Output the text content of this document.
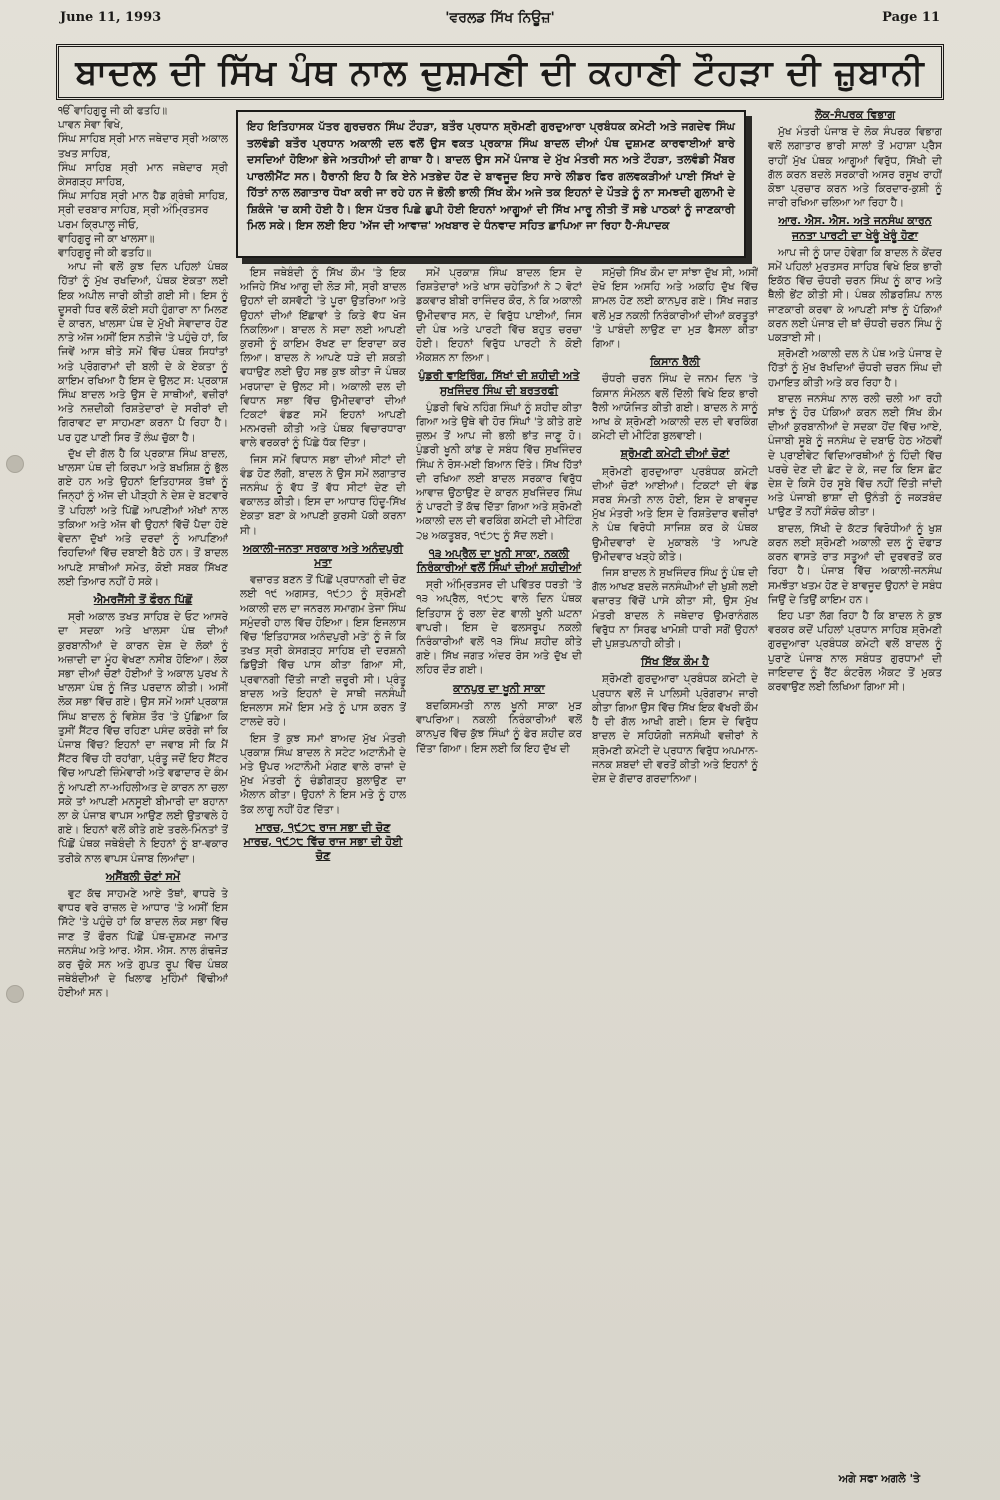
June 11, 1993	'ਵਰਲਡ ਸਿੱਖ ਨਿਊਜ਼'	Page 11
ਬਾਦਲ ਦੀ ਸਿੱਖ ਪੰਥ ਨਾਲ ਦੁਸ਼ਮਣੀ ਦੀ ਕਹਾਣੀ ਟੌਹੜਾ ਦੀ ਜ਼ੁਬਾਨੀ
ਇਹ ਇਤਿਹਾਸਕ ਪੱਤਰ ਗੁਰਚਰਨ ਸਿੰਘ ਟੌਹੜਾ, ਬਤੌਰ ਪ੍ਰਧਾਨ ਸ਼੍ਰੋਮਣੀ ਗੁਰਦੁਆਰਾ ਪ੍ਰਬੰਧਕ ਕਮੇਟੀ ਅਤੇ ਜਗਦੇਵ ਸਿੰਘ ਤਲਵੰਡੀ ਬਤੌਰ ਪ੍ਰਧਾਨ ਅਕਾਲੀ ਦਲ ਵਲੋਂ ਉਸ ਵਕਤ ਪ੍ਰਕਾਸ਼ ਸਿੰਘ ਬਾਦਲ ਦੀਆਂ ਪੰਥ ਦੁਸ਼ਮਣ ਕਾਰਵਾਈਆਂ ਬਾਰੇ ਦਸਦਿਆਂ ਹੋਇਆ ਭੇਜੇ ਅਤਹੀਆਂ ਦੀ ਗਾਥਾ ਹੈ। ਬਾਦਲ ਉਸ ਸਮੇਂ ਪੰਜਾਬ ਦੇ ਮੁੱਖ ਮੰਤਰੀ ਸਨ ਅਤੇ ਟੌਹੜਾ, ਤਲਵੰਡੀ ਮੈਂਬਰ ਪਾਰਲੀਮੈਂਟ ਸਨ। ਹੈਰਾਨੀ ਇਹ ਹੈ ਕਿ ਏਨੇ ਮਤਭੇਦ ਹੋਣ ਦੇ ਬਾਵਜੂਦ ਇਹ ਸਾਰੇ ਲੀਡਰ ਫਿਰ ਗਲਵਕੜੀਆਂ ਪਾਈ ਸਿੱਖਾਂ ਦੇ ਹਿੱਤਾਂ ਨਾਲ ਲਗਾਤਾਰ ਧੋਖਾ ਕਰੀ ਜਾ ਰਹੇ ਹਨ ਜੋ ਭੋਲੀ ਭਾਲੀ ਸਿੱਖ ਕੌਮ ਅਜੇ ਤਕ ਇਹਨਾਂ ਦੇ ਪੌਤੜੇ ਨੂੰ ਨਾ ਸਮਝਦੀ ਗੁਲਾਮੀ ਦੇ ਸ਼ਿਕੰਜੇ 'ਚ ਕਸੀ ਹੋਈ ਹੈ। ਇਸ ਪੱਤਰ ਪਿਛੇ ਛੁਪੀ ਹੋਈ ਇਹਨਾਂ ਆਗੂਆਂ ਦੀ ਸਿੱਖ ਮਾਰੂ ਨੀਤੀ ਤੋਂ ਸਭੇ ਪਾਠਕਾਂ ਨੂੰ ਜਾਣਕਾਰੀ ਮਿਲ ਸਕੇ। ਇਸ ਲਈ ਇਹ 'ਅੱਜ ਦੀ ਆਵਾਜ਼' ਅਖਬਾਰ ਦੇ ਧੰਨਵਾਦ ਸਹਿਤ ਛਾਪਿਆ ਜਾ ਰਿਹਾ ਹੈ-ਸੰਪਾਦਕ
ੴ ਵਾਹਿਗੁਰੂ ਜੀ ਕੀ ਫਤਹਿ॥
ਪਾਵਨ ਸੇਵਾ ਵਿਖੇ,
ਸਿੰਘ ਸਾਹਿਬ ਸ੍ਰੀ ਮਾਨ ਜਥੇਦਾਰ ਸ੍ਰੀ ਅਕਾਲ ਤਖਤ ਸਾਹਿਬ,
ਸਿੰਘ ਸਾਹਿਬ ਸ੍ਰੀ ਮਾਨ ਜਥੇਦਾਰ ਸ੍ਰੀ ਕੇਸਗੜ੍ਹ ਸਾਹਿਬ,
ਸਿੰਘ ਸਾਹਿਬ ਸ੍ਰੀ ਮਾਨ ਹੈਡ ਗ੍ਰੰਥੀ ਸਾਹਿਬ, ਸ੍ਰੀ ਦਰਬਾਰ ਸਾਹਿਬ, ਸ੍ਰੀ ਅੰਮ੍ਰਿਤਸਰ
ਪਰਮ ਕ੍ਰਿਪਾਲੂ ਜੀਓ,
ਵਾਹਿਗੁਰੂ ਜੀ ਕਾ ਖਾਲਸਾ॥
ਵਾਹਿਗੁਰੂ ਜੀ ਕੀ ਫਤਹਿ॥

ਆਪ ਜੀ ਵਲੋਂ ਕੁਝ ਦਿਨ ਪਹਿਲਾਂ ਪੰਥਕ ਹਿੱਤਾਂ ਨੂੰ ਮੁੱਖ ਰਖਦਿਆਂ, ਪੰਥਕ ਏਕਤਾ ਲਈ ਇਕ ਅਪੀਲ ਜਾਰੀ ਕੀਤੀ ਗਈ ਸੀ। ਇਸ ਨੂੰ ਦੂਸਰੀ ਧਿਰ ਵਲੋਂ ਕੋਈ ਸਹੀ ਹੁੰਗਾਰਾ ਨਾ ਮਿਲਣ ਦੇ ਕਾਰਨ, ਖਾਲਸਾ ਪੰਥ ਦੇ ਮੁੱਖੀ ਸੇਵਾਦਾਰ ਹੋਣ ਨਾਤੇ ਅੱਜ ਅਸੀਂ ਇਸ ਨਤੀਜੇ 'ਤੇ ਪਹੁੰਚੇ ਹਾਂ, ਕਿ ਜਿਵੇਂ ਆਸ ਥੀਤੇ ਸਮੇਂ ਵਿੱਚ ਪੰਥਕ ਸਿਧਾਂਤਾਂ ਅਤੇ ਪ੍ਰੋਗਰਾਮਾਂ ਦੀ ਬਲੀ ਦੇ ਕੇ ਏਕਤਾ ਨੂੰ ਕਾਇਮ ਰਖਿਆ ਹੈ ਇਸ ਦੇ ਉਲਟ ਸ: ਪ੍ਰਕਾਸ਼ ਸਿੰਘ ਬਾਦਲ ਅਤੇ ਉਸ ਦੇ ਸਾਥੀਆਂ, ਵਜ਼ੀਰਾਂ ਅਤੇ ਨਜ਼ਦੀਕੀ ਰਿਸ਼ਤੇਦਾਰਾਂ ਦੇ ਸਰੀਰਾਂ ਦੀ ਗਿਰਾਵਟ ਦਾ ਸਾਹਮਣਾ ਕਰਨਾ ਪੈ ਰਿਹਾ ਹੈ। ਪਰ ਹੁਣ ਪਾਣੀ ਸਿਰ ਤੋਂ ਲੰਘ ਚੁੱਕਾ ਹੈ।

ਦੁੱਖ ਦੀ ਗੱਲ ਹੈ ਕਿ ਪ੍ਰਕਾਸ਼ ਸਿੰਘ ਬਾਦਲ, ਖਾਲਸਾ ਪੰਥ ਦੀ ਕਿਰਪਾ ਅਤੇ ਬਖਸ਼ਿਸ਼ ਨੂੰ ਭੁੱਲ ਗਏ ਹਨ ਅਤੇ ਉਹਨਾਂ ਇਤਿਹਾਸਕ ਤੱਥਾਂ ਨੂੰ ਜਿਨ੍ਹਾਂ ਨੂੰ ਅੱਜ ਦੀ ਪੀੜ੍ਹੀ ਨੇ ਦੇਸ਼ ਦੇ ਬਟਵਾਰੇ ਤੋਂ ਪਹਿਲਾਂ ਅਤੇ ਪਿੱਛੋਂ ਆਪਣੀਆਂ ਅੱਖਾਂ ਨਾਲ ਤਕਿਆ ਅਤੇ ਅੱਜ ਵੀ ਉਹਨਾਂ ਵਿੱਚੋਂ ਪੈਦਾ ਹੋਏ ਵੇਦਨਾ ਦੁੱਖਾਂ ਅਤੇ ਦਰਦਾਂ ਨੂੰ ਆਪਣਿਆਂ ਰਿਹਦਿਆਂ ਵਿੱਚ ਦਬਾਈ ਬੈਠੇ ਹਨ। ਤੋਂ ਬਾਦਲ ਆਪਣੇ ਸਾਥੀਆਂ ਸਮੇਤ, ਕੋਈ ਸਬਕ ਸਿੱਖਣ ਲਈ ਤਿਆਰ ਨਹੀਂ ਹੋ ਸਕੇ।

ਐਮਰਜੈਂਸੀ ਤੋਂ ਫੌਰਨ ਪਿੱਛੋਂ

ਸ੍ਰੀ ਅਕਾਲ ਤਖਤ ਸਾਹਿਬ ਦੇ ਓਟ ਆਸਰੇ ਦਾ ਸਦਕਾ ਅਤੇ ਖਾਲਸਾ ਪੰਥ ਦੀਆਂ ਕੁਰਬਾਨੀਆਂ ਦੇ ਕਾਰਨ ਦੇਸ਼ ਦੇ ਲੋਕਾਂ ਨੂੰ ਅਜ਼ਾਦੀ ਦਾ ਮੂੰਹ ਵੇਖਣਾ ਨਸੀਬ ਹੋਇਆ। ਲੋਕ ਸਭਾ ਦੀਆਂ ਚੋਣਾਂ ਹੋਈਆਂ ਤੇ ਅਕਾਲ ਪੁਰਖ ਨੇ ਖਾਲਸਾ ਪੰਥ ਨੂੰ ਜਿੱਤ ਪਰਦਾਨ ਕੀਤੀ। ਅਸੀਂ ਲੋਕ ਸਭਾ ਵਿੱਚ ਗਏ। ਉਸ ਸਮੇਂ ਅਸਾਂ ਪ੍ਰਕਾਸ਼ ਸਿੰਘ ਬਾਦਲ ਨੂੰ ਵਿਸ਼ੇਸ਼ ਤੌਰ 'ਤੇ ਪੁੱਛਿਆ ਕਿ ਤੁਸੀਂ ਸੈਂਟਰ ਵਿੱਚ ਰਹਿਣਾ ਪਸੰਦ ਕਰੋਗੇ ਜਾਂ ਕਿ ਪੰਜਾਬ ਵਿੱਚ? ਇਹਨਾਂ ਦਾ ਜਵਾਬ ਸੀ ਕਿ ਮੈਂ ਸੈਂਟਰ ਵਿੱਚ ਹੀ ਰਹਾਂਗਾ, ਪ੍ਰੰਤੂ ਜਦੋਂ ਇਹ ਸੈਂਟਰ ਵਿੱਚ ਆਪਣੀ ਜ਼ਿੰਮੇਵਾਰੀ ਅਤੇ ਵਫਾਦਾਰ ਦੇ ਕੰਮ ਨੂੰ ਆਪਣੀ ਨਾ-ਅਹਿਲੀਅਤ ਦੇ ਕਾਰਨ ਨਾ ਚਲਾ ਸਕੇ ਤਾਂ ਆਪਣੀ ਮਨਸੂਈ ਬੀਮਾਰੀ ਦਾ ਬਹਾਨਾ ਲਾ ਕੇ ਪੰਜਾਬ ਵਾਪਸ ਆਉਣ ਲਈ ਉਤਾਵਲੇ ਹੋ ਗਏ। ਇਹਨਾਂ ਵਲੋਂ ਕੀਤੇ ਗਏ ਤਰਲੇ-ਮਿੰਨਤਾਂ ਤੋਂ ਪਿੱਛੋਂ ਪੰਥਕ ਜਥੇਬੰਦੀ ਨੇ ਇਹਨਾਂ ਨੂੰ ਬਾ-ਵਕਾਰ ਤਰੀਕੇ ਨਾਲ ਵਾਪਸ ਪੰਜਾਬ ਲਿਆਂਦਾ।

ਅਸੈਂਬਲੀ ਚੋਣਾਂ ਸਮੇਂ

ਵੁਟ ਕੱਢ ਸਾਹਮਣੇ ਆਏ ਤੱਥਾਂ, ਵਾਧਰੇ ਤੇ ਵਾਧਰ ਵਰੇ ਰਾਜ਼ਲ ਦੇ ਆਧਾਰ 'ਤੇ ਅਸੀਂ ਇਸ ਸਿੱਟੇ 'ਤੇ ਪਹੁੰਚੇ ਹਾਂ ਕਿ ਬਾਦਲ ਲੋਕ ਸਭਾ ਵਿੱਚ ਜਾਣ ਤੋਂ ਫੌਰਨ ਪਿੱਛੋਂ ਪੰਥ-ਦੁਸ਼ਮਣ ਜਮਾਤ ਜਨਸੰਘ ਅਤੇ ਆਰ. ਐਸ. ਐਸ. ਨਾਲ ਗੰਢਜੋੜ ਕਰ ਚੁੱਕੇ ਸਨ ਅਤੇ ਗੁਪਤ ਰੂਪ ਵਿੱਚ ਪੰਥਕ ਜਥੇਬੰਦੀਆਂ ਦੇ ਖਿਲਾਫ ਮੁਹਿੰਮਾਂ ਵਿੱਢੀਆਂ ਹੋਈਆਂ ਸਨ।

ਇਸ ਜਥੇਬੰਦੀ ਨੂੰ ਸਿੱਖ ਕੌਮ 'ਤੇ ਇਕ ਅਜਿਹੇ ਸਿੱਖ ਆਗੂ ਦੀ ਲੋੜ ਸੀ, ਸ੍ਰੀ ਬਾਦਲ ਉਹਨਾਂ ਦੀ ਕਸਵੱਟੀ 'ਤੇ ਪੂਰਾ ਉਤਰਿਆ ਅਤੇ ਉਹਨਾਂ ਦੀਆਂ ਇੱਛਾਵਾਂ ਤੇ ਕਿਤੇ ਵੱਧ ਖੋਜ ਨਿਕਲਿਆ। ਬਾਦਲ ਨੇ ਸਦਾ ਲਈ ਆਪਣੀ ਕੁਰਸੀ ਨੂੰ ਕਾਇਮ ਰੱਖਣ ਦਾ ਇਰਾਦਾ ਕਰ ਲਿਆ। ਬਾਦਲ ਨੇ ਆਪਣੇ ਧੜੇ ਦੀ ਸ਼ਕਤੀ ਵਧਾਉਣ ਲਈ ਉਹ ਸਭ ਕੁਝ ਕੀਤਾ ਜੋ ਪੰਥਕ ਮਰਯਾਦਾ ਦੇ ਉਲਟ ਸੀ। ਅਕਾਲੀ ਦਲ ਦੀ ਵਿਧਾਨ ਸਭਾ ਵਿੱਚ ਉਮੀਦਵਾਰਾਂ ਦੀਆਂ ਟਿਕਟਾਂ ਵੰਡਣ ਸਮੇਂ ਇਹਨਾਂ ਆਪਣੀ ਮਨਮਰਜ਼ੀ ਕੀਤੀ ਅਤੇ ਪੰਥਕ ਵਿਚਾਰਧਾਰਾ ਵਾਲੇ ਵਰਕਰਾਂ ਨੂੰ ਪਿੱਛੇ ਧੱਕ ਦਿੱਤਾ।

ਜਿਸ ਸਮੇਂ ਵਿਧਾਨ ਸਭਾ ਦੀਆਂ ਸੀਟਾਂ ਦੀ ਵੰਡ ਹੋਣ ਲੱਗੀ, ਬਾਦਲ ਨੇ ਉਸ ਸਮੇਂ ਲਗਾਤਾਰ ਜਨਸੰਘ ਨੂੰ ਵੱਧ ਤੋਂ ਵੱਧ ਸੀਟਾਂ ਦੇਣ ਦੀ ਵਕਾਲਤ ਕੀਤੀ। ਇਸ ਦਾ ਆਧਾਰ ਹਿੰਦੂ-ਸਿੱਖ ਏਕਤਾ ਬਣਾ ਕੇ ਆਪਣੀ ਕੁਰਸੀ ਪੱਕੀ ਕਰਨਾ ਸੀ।

ਅਕਾਲੀ-ਜਨਤਾ ਸਰਕਾਰ ਅਤੇ ਅਨੰਦਪੁਰੀ ਮਤਾ

ਵਜ਼ਾਰਤ ਬਣਨ ਤੋਂ ਪਿੱਛੋਂ ਪ੍ਰਧਾਨਗੀ ਦੀ ਚੋਣ ਲਈ ੧੯ ਅਗਸਤ, ੧੯੭੭ ਨੂੰ ਸ਼੍ਰੋਮਣੀ ਅਕਾਲੀ ਦਲ ਦਾ ਜਨਰਲ ਸਮਾਗਮ ਤੇਜਾ ਸਿੰਘ ਸਮੁੰਦਰੀ ਹਾਲ ਵਿੱਚ ਹੋਇਆ। ਇਸ ਇਜਲਾਸ ਵਿੱਚ 'ਇਤਿਹਾਸਕ ਅਨੰਦਪੁਰੀ ਮਤੇ' ਨੂੰ ਜੋ ਕਿ ਤਖਤ ਸ੍ਰੀ ਕੇਸਗੜ੍ਹ ਸਾਹਿਬ ਦੀ ਦਰਸ਼ਨੀ ਡਿਉੜੀ ਵਿੱਚ ਪਾਸ ਕੀਤਾ ਗਿਆ ਸੀ, ਪ੍ਰਵਾਨਗੀ ਦਿੱਤੀ ਜਾਣੀ ਜ਼ਰੂਰੀ ਸੀ। ਪ੍ਰੰਤੂ ਬਾਦਲ ਅਤੇ ਇਹਨਾਂ ਦੇ ਸਾਥੀ ਜਨਸੰਘੀ ਇਜਲਾਸ ਸਮੇਂ ਇਸ ਮਤੇ ਨੂੰ ਪਾਸ ਕਰਨ ਤੋਂ ਟਾਲਦੇ ਰਹੇ।

ਇਸ ਤੋਂ ਕੁਝ ਸਮਾਂ ਬਾਅਦ ਮੁੱਖ ਮੰਤਰੀ ਪ੍ਰਕਾਸ਼ ਸਿੰਘ ਬਾਦਲ ਨੇ ਸਟੇਟ ਅਟਾਨੌਮੀ ਦੇ ਮਤੇ ਉਪਰ ਅਟਾਨੌਮੀ ਮੰਗਣ ਵਾਲੇ ਰਾਜਾਂ ਦੇ ਮੁੱਖ ਮੰਤਰੀ ਨੂੰ ਚੰਡੀਗੜ੍ਹ ਬੁਲਾਉਣ ਦਾ ਐਲਾਨ ਕੀਤਾ। ਉਹਨਾਂ ਨੇ ਇਸ ਮਤੇ ਨੂੰ ਹਾਲ ਤੱਕ ਲਾਗੂ ਨਹੀਂ ਹੋਣ ਦਿੱਤਾ।

ਮਾਰਚ, ੧੯੭੮ ਰਾਜ ਸਭਾ ਦੀ ਚੋਣ ਮਾਰਚ, ੧੯੭੮ ਵਿੱਚ ਰਾਜ ਸਭਾ ਦੀ ਹੋਈ ਚੋਣ

ਸਮੇਂ ਪ੍ਰਕਾਸ਼ ਸਿੰਘ ਬਾਦਲ ਇਸ ਦੇ ਰਿਸ਼ਤੇਦਾਰਾਂ ਅਤੇ ਖਾਸ ਚਹੇਤਿਆਂ ਨੇ ੨ ਵੋਟਾਂ ਡਕਵਾਰ ਬੀਬੀ ਰਾਜਿੰਦਰ ਕੌਰ, ਨੇ ਕਿ ਅਕਾਲੀ ਉਮੀਦਵਾਰ ਸਨ, ਦੇ ਵਿਰੁੱਧ ਪਾਈਆਂ, ਜਿਸ ਦੀ ਪੰਥ ਅਤੇ ਪਾਰਟੀ ਵਿੱਚ ਬਹੁਤ ਚਰਚਾ ਹੋਈ। ਇਹਨਾਂ ਵਿਰੁੱਧ ਪਾਰਟੀ ਨੇ ਕੋਈ ਐਕਸ਼ਨ ਨਾ ਲਿਆ।

ਪੁੰਡਰੀ ਵਾਇਰਿੰਗ, ਸਿੱਖਾਂ ਦੀ ਸ਼ਹੀਦੀ ਅਤੇ ਸੁਖਜਿੰਦਰ ਸਿੰਘ ਦੀ ਬਰਤਰਫੀ

ਪੁੰਡਰੀ ਵਿਖੇ ਨਹਿੰਗ ਸਿੰਘਾਂ ਨੂੰ ਸ਼ਹੀਦ ਕੀਤਾ ਗਿਆ ਅਤੇ ਉਥੇ ਵੀ ਹੋਰ ਸਿੰਘਾਂ 'ਤੇ ਕੀਤੇ ਗਏ ਜ਼ੁਲਮ ਤੋਂ ਆਪ ਜੀ ਭਲੀ ਭਾਂਤ ਜਾਣੂ ਹੋ। ਪੁੰਡਰੀ ਖੂਨੀ ਕਾਂਡ ਦੇ ਸਬੰਧ ਵਿੱਚ ਸੁਖਜਿੰਦਰ ਸਿੰਘ ਨੇ ਰੋਸ-ਮਈ ਬਿਆਨ ਦਿੱਤੇ। ਸਿੱਖ ਹਿੱਤਾਂ ਦੀ ਰਖਿਆ ਲਈ ਬਾਦਲ ਸਰਕਾਰ ਵਿਰੁੱਧ ਆਵਾਜ਼ ਉਠਾਉਣ ਦੇ ਕਾਰਨ ਸੁਖਜਿੰਦਰ ਸਿੰਘ ਨੂੰ ਪਾਰਟੀ ਤੋਂ ਕੱਢ ਦਿੱਤਾ ਗਿਆ ਅਤੇ ਸ਼੍ਰੋਮਣੀ ਅਕਾਲੀ ਦਲ ਦੀ ਵਰਕਿੰਗ ਕਮੇਟੀ ਦੀ ਮੀਟਿੰਗ ੨੪ ਅਕਤੂਬਰ, ੧੯੭੮ ਨੂੰ ਸੱਦ ਲਈ।

੧੩ ਅਪ੍ਰੈਲ ਦਾ ਖੂਨੀ ਸਾਕਾ, ਨਕਲੀ ਨਿਰੰਕਾਰੀਆਂ ਵਲੋਂ ਸਿੰਘਾਂ ਦੀਆਂ ਸ਼ਹੀਦੀਆਂ

ਸ੍ਰੀ ਅੰਮ੍ਰਿਤਸਰ ਦੀ ਪਵਿੱਤਰ ਧਰਤੀ 'ਤੇ ੧੩ ਅਪ੍ਰੈਲ, ੧੯੭੮ ਵਾਲੇ ਦਿਨ ਪੰਥਕ ਇਤਿਹਾਸ ਨੂੰ ਰਲਾ ਦੇਣ ਵਾਲੀ ਖੂਨੀ ਘਟਨਾ ਵਾਪਰੀ। ਇਸ ਦੇ ਫਲਸਰੂਪ ਨਕਲੀ ਨਿਰੰਕਾਰੀਆਂ ਵਲੋਂ ੧੩ ਸਿੰਘ ਸ਼ਹੀਦ ਕੀਤੇ ਗਏ। ਸਿੱਖ ਜਗਤ ਅੰਦਰ ਰੋਸ ਅਤੇ ਦੁੱਖ ਦੀ ਲਹਿਰ ਦੌੜ ਗਈ।

ਕਾਨਪੁਰ ਦਾ ਖੂਨੀ ਸਾਕਾ

ਬਦਕਿਸਮਤੀ ਨਾਲ ਖੂਨੀ ਸਾਕਾ ਮੁੜ ਵਾਪਰਿਆ। ਨਕਲੀ ਨਿਰੰਕਾਰੀਆਂ ਵਲੋਂ ਕਾਨਪੁਰ ਵਿੱਚ ਕੁੱਝ ਸਿੰਘਾਂ ਨੂੰ ਫੇਰ ਸ਼ਹੀਦ ਕਰ ਦਿੱਤਾ ਗਿਆ। ਇਸ ਲਈ ਕਿ ਇਹ ਦੁੱਖ ਦੀ

ਸਮੁੱਚੀ ਸਿੱਖ ਕੌਮ ਦਾ ਸਾਂਝਾ ਦੁੱਖ ਸੀ, ਅਸੀਂ ਦੇਖੋ ਇਸ ਅਸਹਿ ਅਤੇ ਅਕਹਿ ਦੁੱਖ ਵਿੱਚ ਸ਼ਾਮਲ ਹੋਣ ਲਈ ਕਾਨਪੁਰ ਗਏ। ਸਿੱਖ ਜਗਤ ਵਲੋਂ ਮੁੜ ਨਕਲੀ ਨਿਰੰਕਾਰੀਆਂ ਦੀਆਂ ਕਰਤੂਤਾਂ 'ਤੇ ਪਾਬੰਦੀ ਲਾਉਣ ਦਾ ਮੁੜ ਫੈਸਲਾ ਕੀਤਾ ਗਿਆ।

ਕਿਸਾਨ ਰੈਲੀ

ਚੌਧਰੀ ਚਰਨ ਸਿੰਘ ਦੇ ਜਨਮ ਦਿਨ 'ਤੇ ਕਿਸਾਨ ਸੰਮੇਲਨ ਵਲੋਂ ਦਿੱਲੀ ਵਿਖੇ ਇਕ ਭਾਰੀ ਰੈਲੀ ਆਯੋਜਿਤ ਕੀਤੀ ਗਈ। ਬਾਦਲ ਨੇ ਸਾਨੂੰ ਆਖ ਕੇ ਸ਼੍ਰੋਮਣੀ ਅਕਾਲੀ ਦਲ ਦੀ ਵਰਕਿੰਗ ਕਮੇਟੀ ਦੀ ਮੀਟਿੰਗ ਬੁਲਵਾਈ।

ਸ਼੍ਰੋਮਣੀ ਕਮੇਟੀ ਦੀਆਂ ਚੋਣਾਂ

ਸ਼੍ਰੋਮਣੀ ਗੁਰਦੁਆਰਾ ਪ੍ਰਬੰਧਕ ਕਮੇਟੀ ਦੀਆਂ ਚੋਣਾਂ ਆਈਆਂ। ਟਿਕਟਾਂ ਦੀ ਵੰਡ ਸਰਬ ਸੰਮਤੀ ਨਾਲ ਹੋਈ, ਇਸ ਦੇ ਬਾਵਜੂਦ ਮੁੱਖ ਮੰਤਰੀ ਅਤੇ ਇਸ ਦੇ ਰਿਸ਼ਤੇਦਾਰ ਵਜ਼ੀਰਾਂ ਨੇ ਪੰਥ ਵਿਰੋਧੀ ਸਾਜਿਸ਼ ਕਰ ਕੇ ਪੰਥਕ ਉਮੀਦਵਾਰਾਂ ਦੇ ਮੁਕਾਬਲੇ 'ਤੇ ਆਪਣੇ ਉਮੀਦਵਾਰ ਖੜ੍ਹੇ ਕੀਤੇ।

ਜਿਸ ਬਾਦਲ ਨੇ ਸੁਖਜਿੰਦਰ ਸਿੰਘ ਨੂੰ ਪੰਥ ਦੀ ਗੱਲ ਆਖਣ ਬਦਲੇ ਜਨਸੰਘੀਆਂ ਦੀ ਖੁਸ਼ੀ ਲਈ ਵਜ਼ਾਰਤ ਵਿੱਚੋਂ ਪਾਸੇ ਕੀਤਾ ਸੀ, ਉਸ ਮੁੱਖ ਮੰਤਰੀ ਬਾਦਲ ਨੇ ਜਥੇਦਾਰ ਉਮਰਾਨੰਗਲ ਵਿਰੁੱਧ ਨਾ ਸਿਰਫ ਖਾਮੋਸ਼ੀ ਧਾਰੀ ਸਗੋਂ ਉਹਨਾਂ ਦੀ ਪੁਸ਼ਤਪਨਾਹੀ ਕੀਤੀ।

ਸਿੱਖ ਇੱਕ ਕੌਮ ਹੈ

ਸ਼੍ਰੋਮਣੀ ਗੁਰਦੁਆਰਾ ਪ੍ਰਬੰਧਕ ਕਮੇਟੀ ਦੇ ਪ੍ਰਧਾਨ ਵਲੋਂ ਜੋ ਪਾਲਿਸੀ ਪ੍ਰੋਗਰਾਮ ਜਾਰੀ ਕੀਤਾ ਗਿਆ ਉਸ ਵਿੱਚ ਸਿੱਖ ਇਕ ਵੱਖਰੀ ਕੌਮ ਹੈ ਦੀ ਗੱਲ ਆਖੀ ਗਈ। ਇਸ ਦੇ ਵਿਰੁੱਧ ਬਾਦਲ ਦੇ ਸਹਿਯੋਗੀ ਜਨਸੰਘੀ ਵਜ਼ੀਰਾਂ ਨੇ ਸ਼੍ਰੋਮਣੀ ਕਮੇਟੀ ਦੇ ਪ੍ਰਧਾਨ ਵਿਰੁੱਧ ਅਪਮਾਨ-ਜਨਕ ਸ਼ਬਦਾਂ ਦੀ ਵਰਤੋਂ ਕੀਤੀ ਅਤੇ ਇਹਨਾਂ ਨੂੰ ਦੇਸ਼ ਦੇ ਗੱਦਾਰ ਗਰਦਾਨਿਆ।

ਲੋਕ-ਸੰਪਰਕ ਵਿਭਾਗ

ਮੁੱਖ ਮੰਤਰੀ ਪੰਜਾਬ ਦੇ ਲੋਕ ਸੰਪਰਕ ਵਿਭਾਗ ਵਲੋਂ ਲਗਾਤਾਰ ਭਾਰੀ ਸਾਲਾਂ ਤੋਂ ਮਹਾਸ਼ਾ ਪ੍ਰੈਸ ਰਾਹੀਂ ਮੁੱਖ ਪੰਥਕ ਆਗੂਆਂ ਵਿਰੁੱਧ, ਸਿੱਖੀ ਦੀ ਗੱਲ ਕਰਨ ਬਦਲੇ ਸਰਕਾਰੀ ਅਸਰ ਰਸੂਖ ਰਾਹੀਂ ਕੋਝਾ ਪ੍ਰਚਾਰ ਕਰਨ ਅਤੇ ਕਿਰਦਾਰ-ਕੁਸ਼ੀ ਨੂੰ ਜਾਰੀ ਰਖਿਆ ਚਲਿਆ ਆ ਰਿਹਾ ਹੈ।

ਆਰ. ਐਸ. ਐਸ. ਅਤੇ ਜਨਸੰਘ ਕਾਰਨ ਜਨਤਾ ਪਾਰਟੀ ਦਾ ਖੇਰੂੰ ਖੇਰੂੰ ਹੋਣਾ

ਆਪ ਜੀ ਨੂੰ ਯਾਦ ਹੋਵੇਗਾ ਕਿ ਬਾਦਲ ਨੇ ਕੇਂਦਰ ਸਮੇਂ ਪਹਿਲਾਂ ਮੁਰਤਸਰ ਸਾਹਿਬ ਵਿਖੇ ਇਕ ਭਾਰੀ ਇਕੱਠ ਵਿੱਚ ਚੌਧਰੀ ਚਰਨ ਸਿੰਘ ਨੂੰ ਕਾਰ ਅਤੇ ਥੈਲੀ ਭੇਂਟ ਕੀਤੀ ਸੀ। ਪੰਥਕ ਲੀਡਰਸ਼ਿਪ ਨਾਲ ਜਾਣਕਾਰੀ ਕਰਵਾ ਕੇ ਆਪਣੀ ਸਾਂਝ ਨੂੰ ਪੱਕਿਆਂ ਕਰਨ ਲਈ ਪੰਜਾਬ ਦੀ ਥਾਂ ਚੌਧਰੀ ਚਰਨ ਸਿੰਘ ਨੂੰ ਪਕੜਾਈ ਸੀ।

ਸ਼੍ਰੋਮਣੀ ਅਕਾਲੀ ਦਲ ਨੇ ਪੰਥ ਅਤੇ ਪੰਜਾਬ ਦੇ ਹਿੱਤਾਂ ਨੂੰ ਮੁੱਖ ਰੱਖਦਿਆਂ ਚੌਧਰੀ ਚਰਨ ਸਿੰਘ ਦੀ ਹਮਾਇਤ ਕੀਤੀ ਅਤੇ ਕਰ ਰਿਹਾ ਹੈ।

ਬਾਦਲ ਜਨਸੰਘ ਨਾਲ ਰਲੀ ਚਲੀ ਆ ਰਹੀ ਸਾਂਝ ਨੂੰ ਹੋਰ ਪੱਕਿਆਂ ਕਰਨ ਲਈ ਸਿੱਖ ਕੌਮ ਦੀਆਂ ਕੁਰਬਾਨੀਆਂ ਦੇ ਸਦਕਾ ਹੋਂਦ ਵਿੱਚ ਆਏ, ਪੰਜਾਬੀ ਸੂਬੇ ਨੂੰ ਜਨਸੰਘ ਦੇ ਦਬਾਓ ਹੇਠ ਅੱਠਵੀਂ ਦੇ ਪ੍ਰਾਈਵੇਟ ਵਿਦਿਆਰਥੀਆਂ ਨੂੰ ਹਿੰਦੀ ਵਿੱਚ ਪਰਚੇ ਦੇਣ ਦੀ ਛੋਟ ਦੇ ਕੇ, ਜਦ ਕਿ ਇਸ ਛੋਟ ਦੇਸ਼ ਦੇ ਕਿਸੇ ਹੋਰ ਸੂਬੇ ਵਿੱਚ ਨਹੀਂ ਦਿੱਤੀ ਜਾਂਦੀ ਅਤੇ ਪੰਜਾਬੀ ਭਾਸ਼ਾ ਦੀ ਉਨੰਤੀ ਨੂੰ ਜਕੜਬੰਦ ਪਾਉਣ ਤੋਂ ਨਹੀਂ ਸੰਕੋਚ ਕੀਤਾ।

ਬਾਦਲ, ਸਿੱਖੀ ਦੇ ਕੱਟੜ ਵਿਰੋਧੀਆਂ ਨੂੰ ਖੁਸ਼ ਕਰਨ ਲਈ ਸ਼੍ਰੋਮਣੀ ਅਕਾਲੀ ਦਲ ਨੂੰ ਦੋਫਾੜ ਕਰਨ ਵਾਸਤੇ ਰਾਤ ਸਤੂਆਂ ਦੀ ਦੁਰਵਰਤੋਂ ਕਰ ਰਿਹਾ ਹੈ। ਪੰਜਾਬ ਵਿੱਚ ਅਕਾਲੀ-ਜਨਸੰਘ ਸਮਝੌਤਾ ਖਤਮ ਹੋਣ ਦੇ ਬਾਵਜੂਦ ਉਹਨਾਂ ਦੇ ਸਬੰਧ ਜਿਉਂ ਦੇ ਤਿਉਂ ਕਾਇਮ ਹਨ।

ਇਹ ਪਤਾ ਲੱਗ ਰਿਹਾ ਹੈ ਕਿ ਬਾਦਲ ਨੇ ਕੁਝ ਵਰਕਰ ਕਦੋਂ ਪਹਿਲਾਂ ਪ੍ਰਧਾਨ ਸਾਹਿਬ ਸ਼੍ਰੋਮਣੀ ਗੁਰਦੁਆਰਾ ਪ੍ਰਬੰਧਕ ਕਮੇਟੀ ਵਲੋਂ ਬਾਦਲ ਨੂੰ ਪੁਰਾਣੇ ਪੰਜਾਬ ਨਾਲ ਸਬੰਧਤ ਗੁਰਧਾਮਾਂ ਦੀ ਜਾਇਦਾਦ ਨੂੰ ਰੈਂਟ ਕੰਟਰੋਲ ਐਕਟ ਤੋਂ ਮੁਕਤ ਕਰਵਾਉਣ ਲਈ ਲਿਖਿਆ ਗਿਆ ਸੀ।

ਅਗੇ ਸਫਾ ਅਗਲੇ 'ਤੇ
